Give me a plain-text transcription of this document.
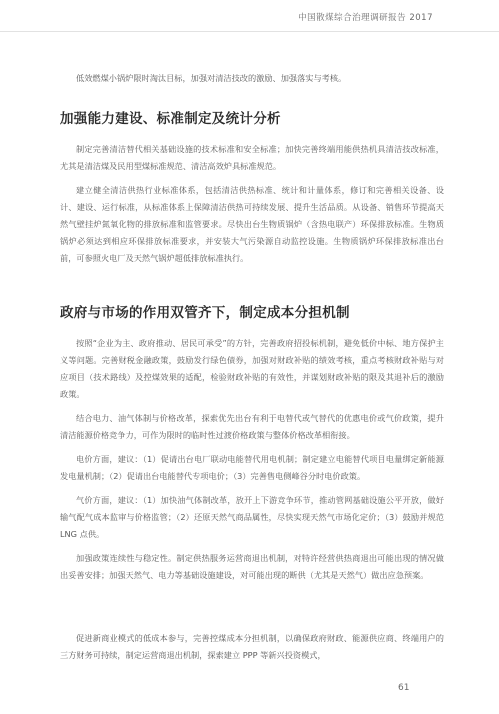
中国散煤综合治理调研报告 2017

低效燃煤小锅炉限时淘汰目标，加强对清洁技改的激励、加强落实与考核。

加强能力建设、标准制定及统计分析

制定完善清洁替代相关基础设施的技术标准和安全标准；加快完善终端用能供热机具清洁技改标准，尤其是清洁煤及民用型煤标准规范、清洁高效炉具标准规范。

建立健全清洁供热行业标准体系，包括清洁供热标准、统计和计量体系，修订和完善相关设备、设计、建设、运行标准，从标准体系上保障清洁供热可持续发展、提升生活品质。从设备、销售环节提高天然气壁挂炉氮氧化物的排放标准和监管要求。尽快出台生物质锅炉（含热电联产）环保排放标准。生物质锅炉必须达到相应环保排放标准要求，并安装大气污染源自动监控设施。生物质锅炉环保排放标准出台前，可参照火电厂及天然气锅炉超低排放标准执行。

政府与市场的作用双管齐下，制定成本分担机制

按照“企业为主、政府推动、居民可承受”的方针，完善政府招投标机制，避免低价中标、地方保护主义等问题。完善财税金融政策，鼓励发行绿色债券，加强对财政补贴的绩效考核，重点考核财政补贴与对应项目（技术路线）及控煤效果的适配，检验财政补贴的有效性，并谋划财政补贴的限及其退补后的激励政策。

结合电力、油气体制与价格改革，探索优先出台有利于电替代或气替代的优惠电价或气价政策，提升清洁能源价格竞争力，可作为限时的临时性过渡价格政策与整体价格改革相衔接。

电价方面，建议：（1）促请出台电厂联动电能替代用电机制；制定建立电能替代项目电量绑定新能源发电量机制；（2）促请出台电能替代专项电价；（3）完善售电侧峰谷分时电价政策。

气价方面，建议：（1）加快油气体制改革，放开上下游竞争环节，推动管网基础设施公平开放，做好输气配气成本监审与价格监管；（2）还原天然气商品属性，尽快实现天然气市场化定价；（3）鼓励并规范 LNG 点供。

加强政策连续性与稳定性。制定供热服务运营商退出机制，对特许经营供热商退出可能出现的情况做出妥善安排；加强天然气、电力等基础设施建设，对可能出现的断供（尤其是天然气）做出应急预案。

促进新商业模式的低成本参与，完善控煤成本分担机制，以确保政府财政、能源供应商、终端用户的三方财务可持续，制定运营商退出机制，探索建立 PPP 等新兴投资模式，

61
